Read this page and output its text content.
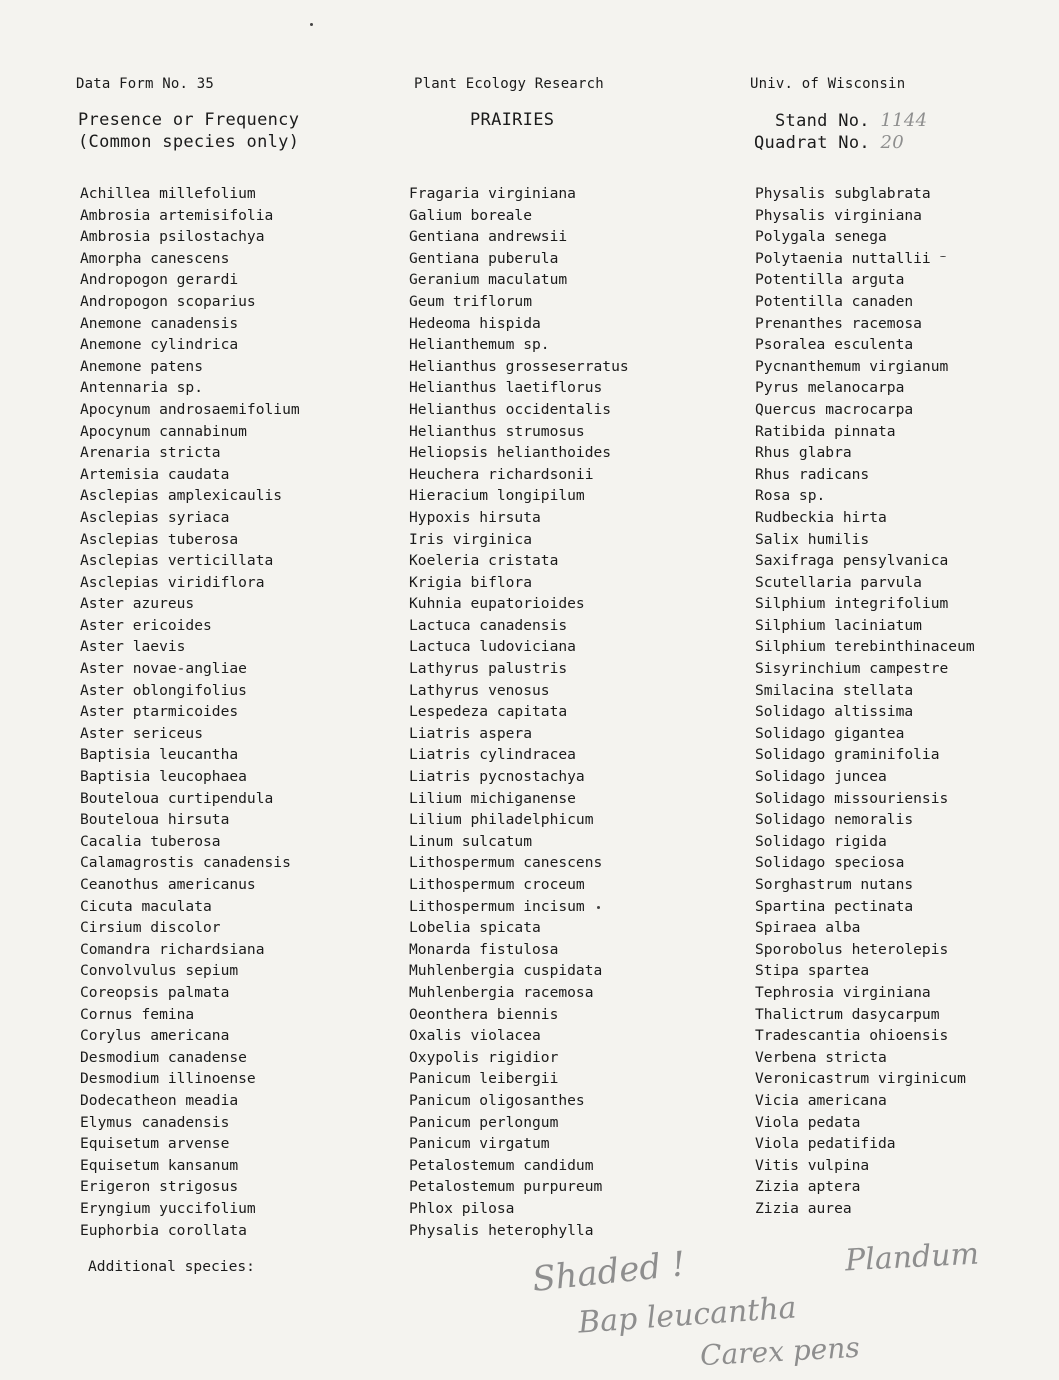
Data Form No. 35	Plant Ecology Research	Univ. of Wisconsin
Presence or Frequency
(Common species only)
PRAIRIES	Stand No. 1144
Quadrat No. 20
Achillea millefolium
Ambrosia artemisifolia
Ambrosia psilostachya
Amorpha canescens
Andropogon gerardi
Andropogon scoparius
Anemone canadensis
Anemone cylindrica
Anemone patens
Antennaria sp.
Apocynum androsaemifolium
Apocynum cannabinum
Arenaria stricta
Artemisia caudata
Asclepias amplexicaulis
Asclepias syriaca
Asclepias tuberosa
Asclepias verticillata
Asclepias viridiflora
Aster azureus
Aster ericoides
Aster laevis
Aster novae-angliae
Aster oblongifolius
Aster ptarmicoides
Aster sericeus
Baptisia leucantha
Baptisia leucophaea
Bouteloua curtipendula
Bouteloua hirsuta
Cacalia tuberosa
Calamagrostis canadensis
Ceanothus americanus
Cicuta maculata
Cirsium discolor
Comandra richardsiana
Convolvulus sepium
Coreopsis palmata
Cornus femina
Corylus americana
Desmodium canadense
Desmodium illinoense
Dodecatheon meadia
Elymus canadensis
Equisetum arvense
Equisetum kansanum
Erigeron strigosus
Eryngium yuccifolium
Euphorbia corollata
Fragaria virginiana
Galium boreale
Gentiana andrewsii
Gentiana puberula
Geranium maculatum
Geum triflorum
Hedeoma hispida
Helianthemum sp.
Helianthus grosseserratus
Helianthus laetiflorus
Helianthus occidentalis
Helianthus strumosus
Heliopsis helianthoides
Heuchera richardsonii
Hieracium longipilum
Hypoxis hirsuta
Iris virginica
Koeleria cristata
Krigia biflora
Kuhnia eupatorioides
Lactuca canadensis
Lactuca ludoviciana
Lathyrus palustris
Lathyrus venosus
Lespedeza capitata
Liatris aspera
Liatris cylindracea
Liatris pycnostachya
Lilium michiganense
Lilium philadelphicum
Linum sulcatum
Lithospermum canescens
Lithospermum croceum
Lithospermum incisum
Lobelia spicata
Monarda fistulosa
Muhlenbergia cuspidata
Muhlenbergia racemosa
Oeonthera biennis
Oxalis violacea
Oxypolis rigidior
Panicum leibergii
Panicum oligosanthes
Panicum perlongum
Panicum virgatum
Petalostemum candidum
Petalostemum purpureum
Phlox pilosa
Physalis heterophylla
Physalis subglabrata
Physalis virginiana
Polygala senega
Polytaenia nuttallii
Potentilla arguta
Potentilla canaden
Prenanthes racemosa
Psoralea esculenta
Pycnanthemum virgianum
Pyrus melanocarpa
Quercus macrocarpa
Ratibida pinnata
Rhus glabra
Rhus radicans
Rosa sp.
Rudbeckia hirta
Salix humilis
Saxifraga pensylvanica
Scutellaria parvula
Silphium integrifolium
Silphium laciniatum
Silphium terebinthinaceum
Sisyrinchium campestre
Smilacina stellata
Solidago altissima
Solidago gigantea
Solidago graminifolia
Solidago juncea
Solidago missouriensis
Solidago nemoralis
Solidago rigida
Solidago speciosa
Sorghastrum nutans
Spartina pectinata
Spiraea alba
Sporobolus heterolepis
Stipa spartea
Tephrosia virginiana
Thalictrum dasycarpum
Tradescantia ohioensis
Verbena stricta
Veronicastrum virginicum
Vicia americana
Viola pedata
Viola pedatifida
Vitis vulpina
Zizia aptera
Zizia aurea
Additional species:	Shaded !	Plandum
Bap leucantha
Carex pens
